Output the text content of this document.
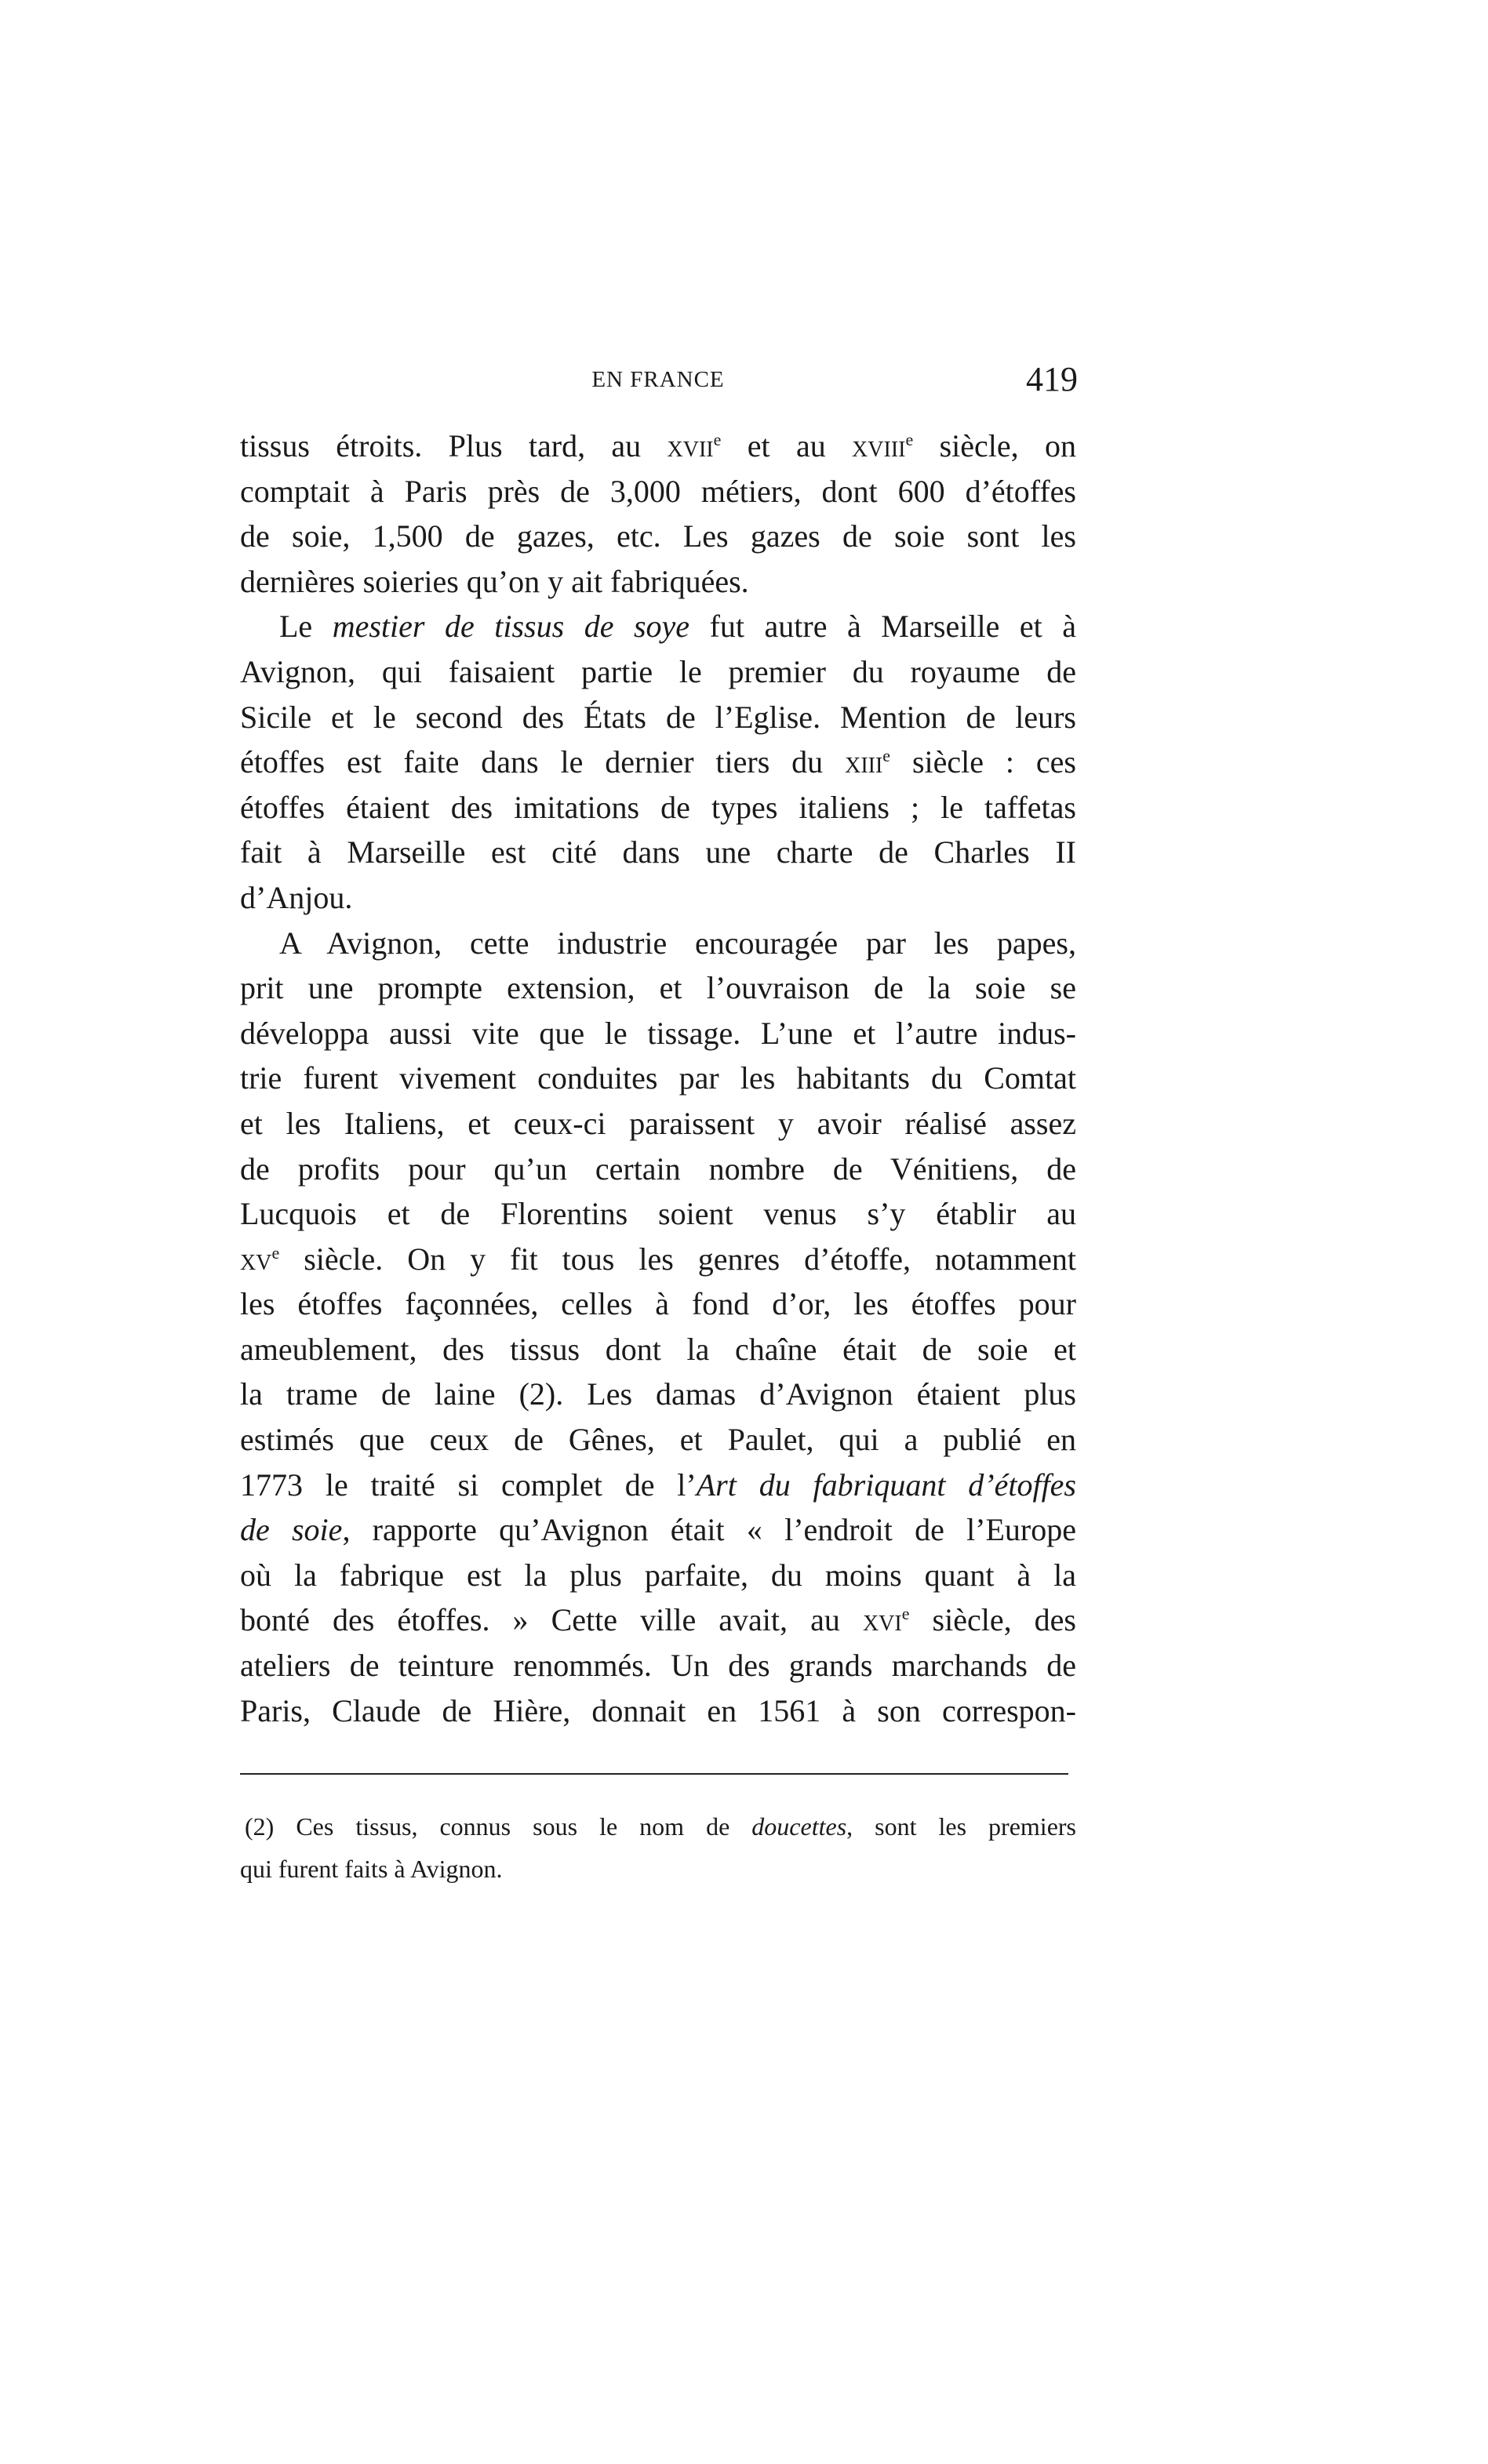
EN FRANCE	419
tissus étroits. Plus tard, au xvii$^e$ et au xviii$^e$ siècle, on
comptait à Paris près de 3,000 métiers, dont 600 d’étoffes
de soie, 1,500 de gazes, etc. Les gazes de soie sont les
dernières soieries qu’on y ait fabriquées.
Le mestier de tissus de soye fut autre à Marseille et à
Avignon, qui faisaient partie le premier du royaume de
Sicile et le second des États de l’Eglise. Mention de leurs
étoffes est faite dans le dernier tiers du xiii$^e$ siècle : ces
étoffes étaient des imitations de types italiens ; le taffetas
fait à Marseille est cité dans une charte de Charles II
d’Anjou.
A Avignon, cette industrie encouragée par les papes,
prit une prompte extension, et l’ouvraison de la soie se
développa aussi vite que le tissage. L’une et l’autre indus-
trie furent vivement conduites par les habitants du Comtat
et les Italiens, et ceux-ci paraissent y avoir réalisé assez
de profits pour qu’un certain nombre de Vénitiens, de
Lucquois et de Florentins soient venus s’y établir au
$xv^e$ siècle. On y fit tous les genres d’étoffe, notamment
les étoffes façonnées, celles à fond d’or, les étoffes pour
ameublement, des tissus dont la chaîne était de soie et
la trame de laine (2). Les damas d’Avignon étaient plus
estimés que ceux de Gênes, et Paulet, qui a publié en
1773 le traité si complet de l’Art du fabriquant d’étoffes
de soie, rapporte qu’Avignon était « l’endroit de l’Europe
où la fabrique est la plus parfaite, du moins quant à la
bonté des étoffes. » Cette ville avait, au xvi$^e$ siècle, des
ateliers de teinture renommés. Un des grands marchands de
Paris, Claude de Hière, donnait en 1561 à son correspon-
(2) Ces tissus, connus sous le nom de doucettes, sont les premiers
qui furent faits à Avignon.
